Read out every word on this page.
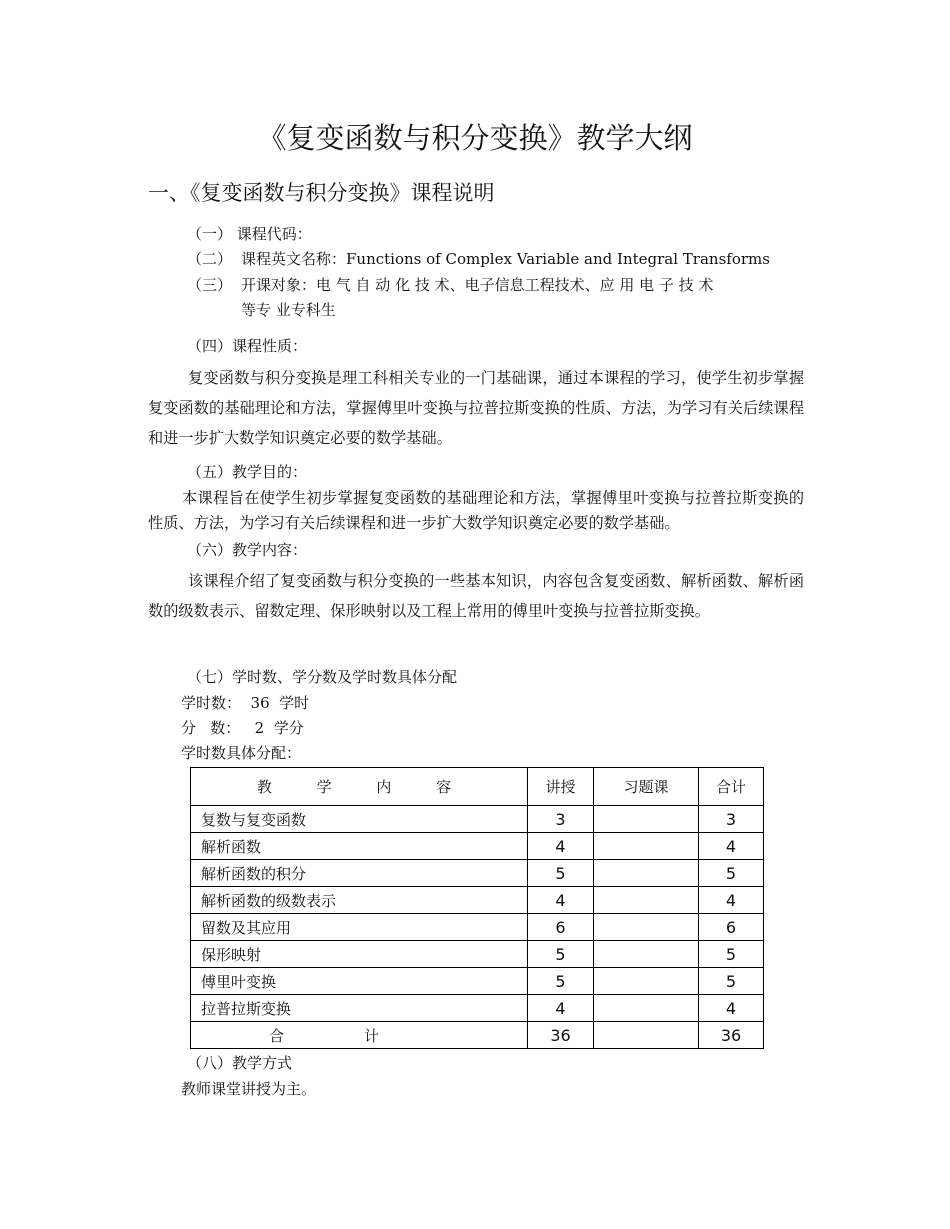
《复变函数与积分变换》教学大纲
一、《复变函数与积分变换》课程说明
（一） 课程代码：
（二） 课程英文名称：Functions of Complex Variable and Integral Transforms
（三） 开课对象：电 气 自 动 化 技 术、电子信息工程技术、应 用 电 子 技 术
等专 业专科生
（四）课程性质：
复变函数与积分变换是理工科相关专业的一门基础课，通过本课程的学习，使学生初步掌握复变函数的基础理论和方法，掌握傅里叶变换与拉普拉斯变换的性质、方法，为学习有关后续课程和进一步扩大数学知识奠定必要的数学基础。
（五）教学目的：
本课程旨在使学生初步掌握复变函数的基础理论和方法，掌握傅里叶变换与拉普拉斯变换的性质、方法，为学习有关后续课程和进一步扩大数学知识奠定必要的数学基础。
（六）教学内容：
该课程介绍了复变函数与积分变换的一些基本知识，内容包含复变函数、解析函数、解析函数的级数表示、留数定理、保形映射以及工程上常用的傅里叶变换与拉普拉斯变换。
（七）学时数、学分数及学时数具体分配
学时数：  36  学时
分   数：   2  学分
学时数具体分配：
教 学 内 容	讲授	习题课	合计
复数与复变函数	3		3
解析函数	4		4
解析函数的积分	5		5
解析函数的级数表示	4		4
留数及其应用	6		6
保形映射	5		5
傅里叶变换	5		5
拉普拉斯变换	4		4
合计	36		36
（八）教学方式
教师课堂讲授为主。
